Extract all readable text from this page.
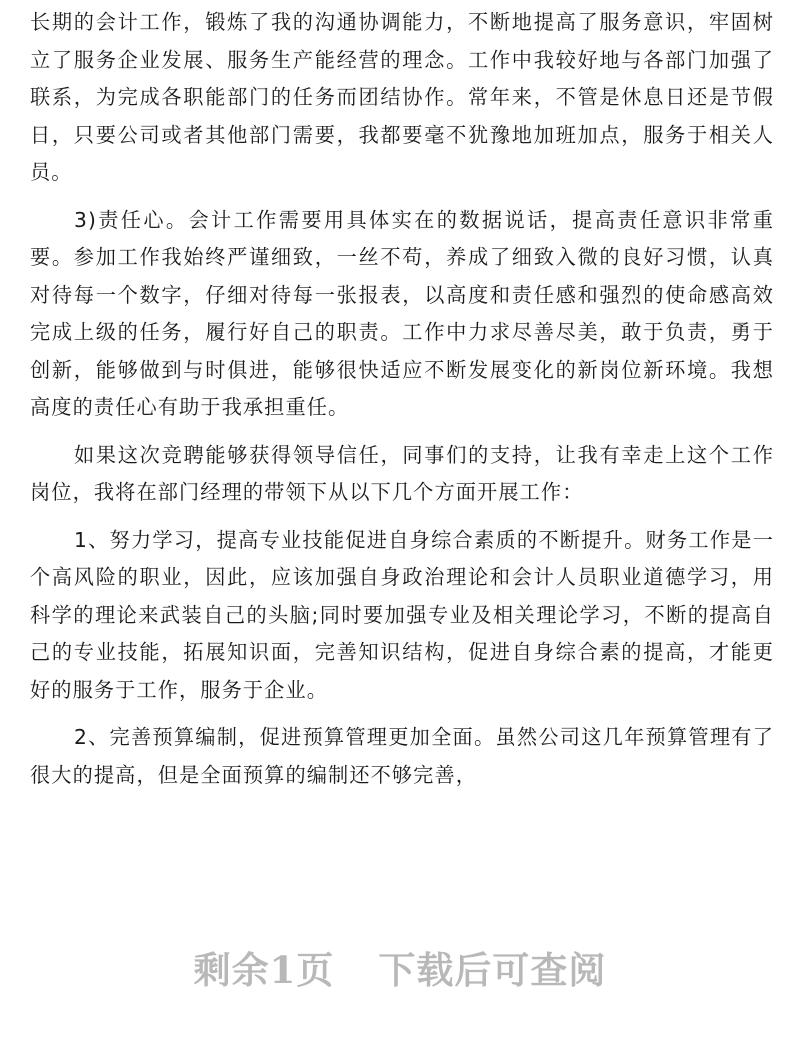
长期的会计工作，锻炼了我的沟通协调能力，不断地提高了服务意识，牢固树立了服务企业发展、服务生产能经营的理念。工作中我较好地与各部门加强了联系，为完成各职能部门的任务而团结协作。常年来，不管是休息日还是节假日，只要公司或者其他部门需要，我都要毫不犹豫地加班加点，服务于相关人员。

3)责任心。会计工作需要用具体实在的数据说话，提高责任意识非常重要。参加工作我始终严谨细致，一丝不苟，养成了细致入微的良好习惯，认真对待每一个数字，仔细对待每一张报表，以高度和责任感和强烈的使命感高效完成上级的任务，履行好自己的职责。工作中力求尽善尽美，敢于负责，勇于创新，能够做到与时俱进，能够很快适应不断发展变化的新岗位新环境。我想高度的责任心有助于我承担重任。

如果这次竞聘能够获得领导信任，同事们的支持，让我有幸走上这个工作岗位，我将在部门经理的带领下从以下几个方面开展工作：

1、努力学习，提高专业技能促进自身综合素质的不断提升。财务工作是一个高风险的职业，因此，应该加强自身政治理论和会计人员职业道德学习，用科学的理论来武装自己的头脑;同时要加强专业及相关理论学习，不断的提高自己的专业技能，拓展知识面，完善知识结构，促进自身综合素的提高，才能更好的服务于工作，服务于企业。

2、完善预算编制，促进预算管理更加全面。虽然公司这几年预算管理有了很大的提高，但是全面预算的编制还不够完善，

剩余1页 下载后可查阅
